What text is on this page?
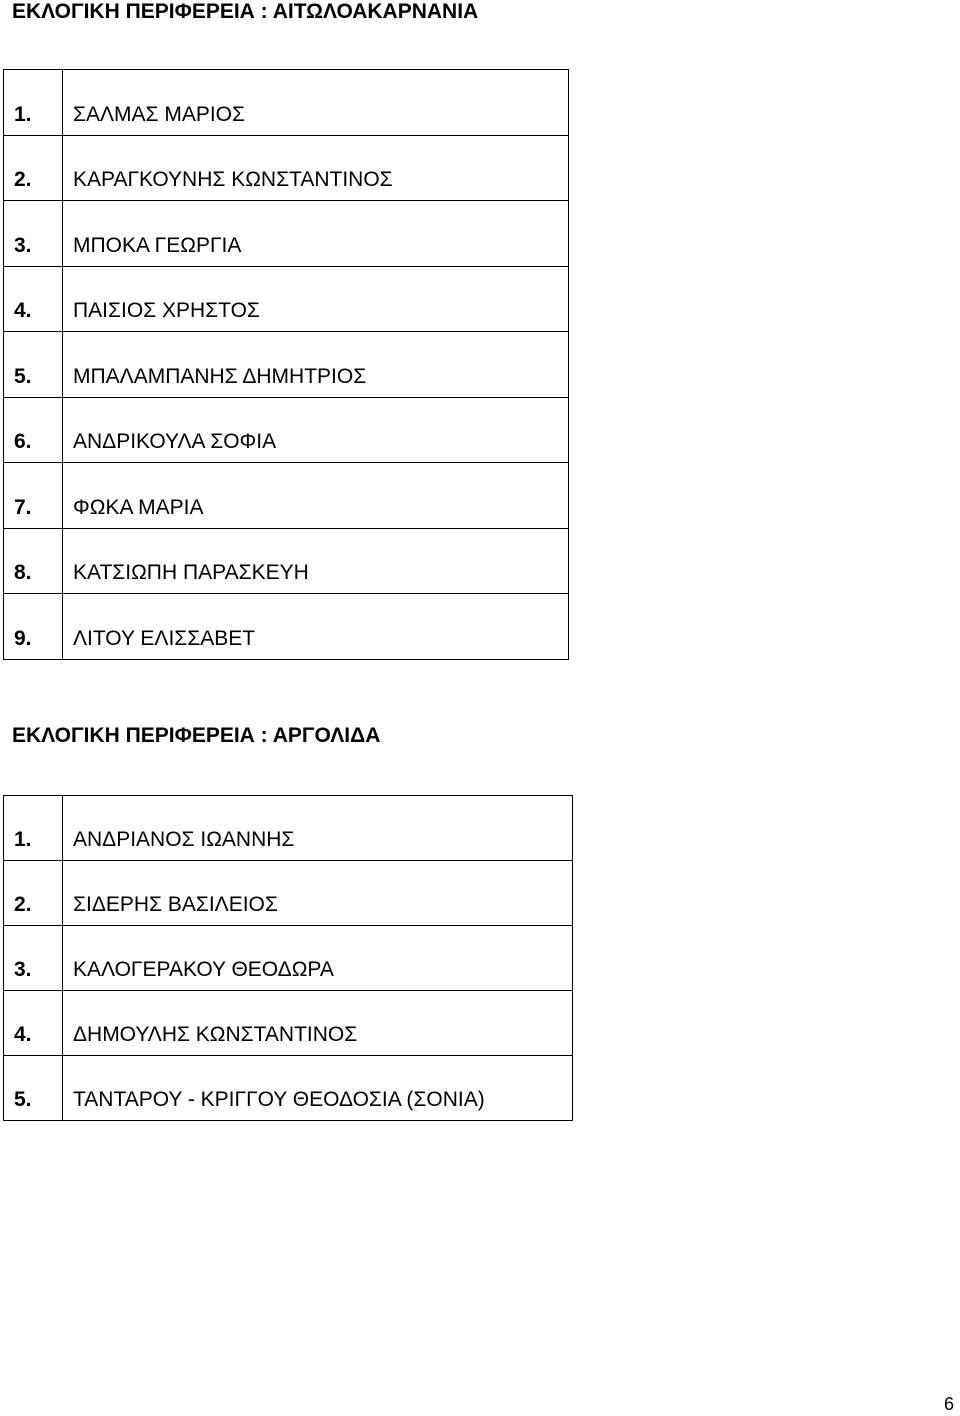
ΕΚΛΟΓΙΚΗ ΠΕΡΙΦΕΡΕΙΑ : ΑΙΤΩΛΟΑΚΑΡΝΑΝΙΑ
1.	ΣΑΛΜΑΣ ΜΑΡΙΟΣ
2.	ΚΑΡΑΓΚΟΥΝΗΣ ΚΩΝΣΤΑΝΤΙΝΟΣ
3.	ΜΠΟΚΑ ΓΕΩΡΓΙΑ
4.	ΠΑΙΣΙΟΣ ΧΡΗΣΤΟΣ
5.	ΜΠΑΛΑΜΠΑΝΗΣ ΔΗΜΗΤΡΙΟΣ
6.	ΑΝΔΡΙΚΟΥΛΑ ΣΟΦΙΑ
7.	ΦΩΚΑ ΜΑΡΙΑ
8.	ΚΑΤΣΙΩΠΗ ΠΑΡΑΣΚΕΥΗ
9.	ΛΙΤΟΥ ΕΛΙΣΣΑΒΕΤ
ΕΚΛΟΓΙΚΗ ΠΕΡΙΦΕΡΕΙΑ : ΑΡΓΟΛΙΔΑ
1.	ΑΝΔΡΙΑΝΟΣ ΙΩΑΝΝΗΣ
2.	ΣΙΔΕΡΗΣ ΒΑΣΙΛΕΙΟΣ
3.	ΚΑΛΟΓΕΡΑΚΟΥ ΘΕΟΔΩΡΑ
4.	ΔΗΜΟΥΛΗΣ ΚΩΝΣΤΑΝΤΙΝΟΣ
5.	ΤΑΝΤΑΡΟΥ - ΚΡΙΓΓΟΥ ΘΕΟΔΟΣΙΑ (ΣΟΝΙΑ)
6
